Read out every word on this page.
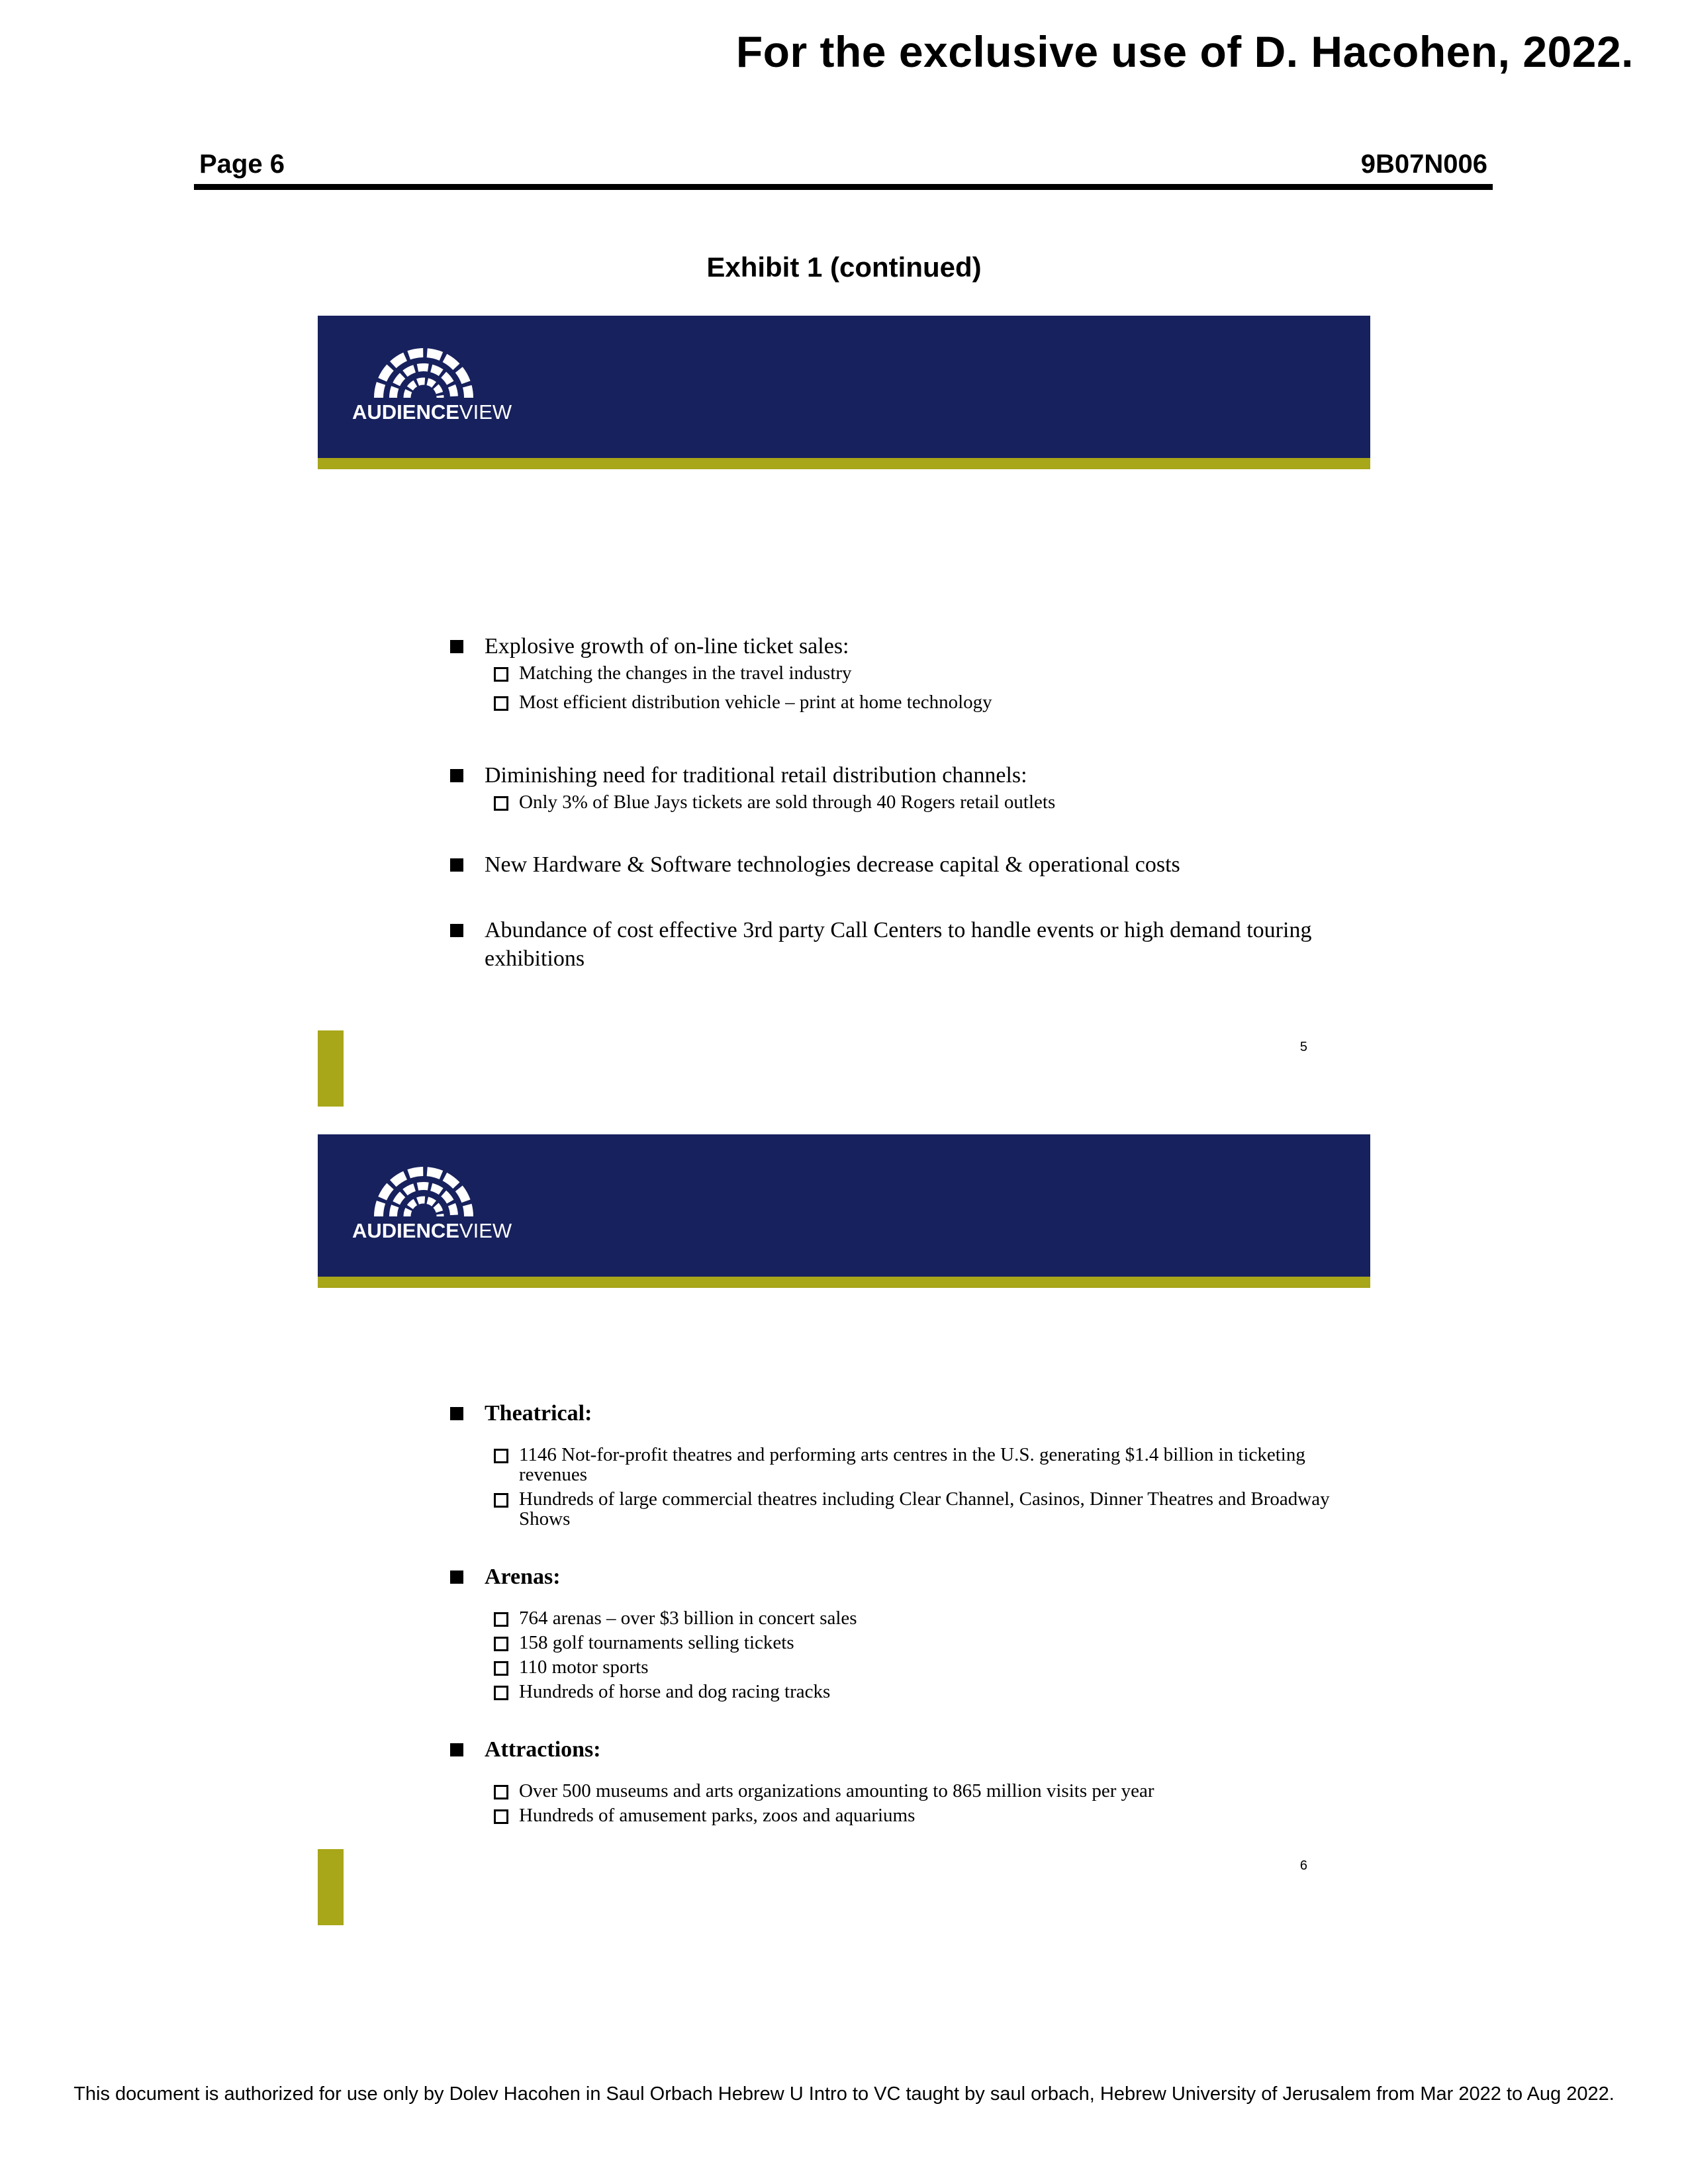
For the exclusive use of D. Hacohen, 2022.
Page 6	9B07N006
Exhibit 1 (continued)
AUDIENCEVIEW
Explosive growth of on-line ticket sales:
Matching the changes in the travel industry
Most efficient distribution vehicle – print at home technology
Diminishing need for traditional retail distribution channels:
Only 3% of Blue Jays tickets are sold through 40 Rogers retail outlets
New Hardware & Software technologies decrease capital & operational costs
Abundance of cost effective 3rd party Call Centers to handle events or high demand touring exhibitions
5
AUDIENCEVIEW
Theatrical:
1146 Not-for-profit theatres and performing arts centres in the U.S. generating $1.4 billion in ticketing revenues
Hundreds of large commercial theatres including Clear Channel, Casinos, Dinner Theatres and Broadway Shows
Arenas:
764 arenas – over $3 billion in concert sales
158 golf tournaments selling tickets
110 motor sports
Hundreds of horse and dog racing tracks
Attractions:
Over 500 museums and arts organizations amounting to 865 million visits per year
Hundreds of amusement parks, zoos and aquariums
6
This document is authorized for use only by Dolev Hacohen in Saul Orbach Hebrew U Intro to VC taught by saul orbach, Hebrew University of Jerusalem from Mar 2022 to Aug 2022.
